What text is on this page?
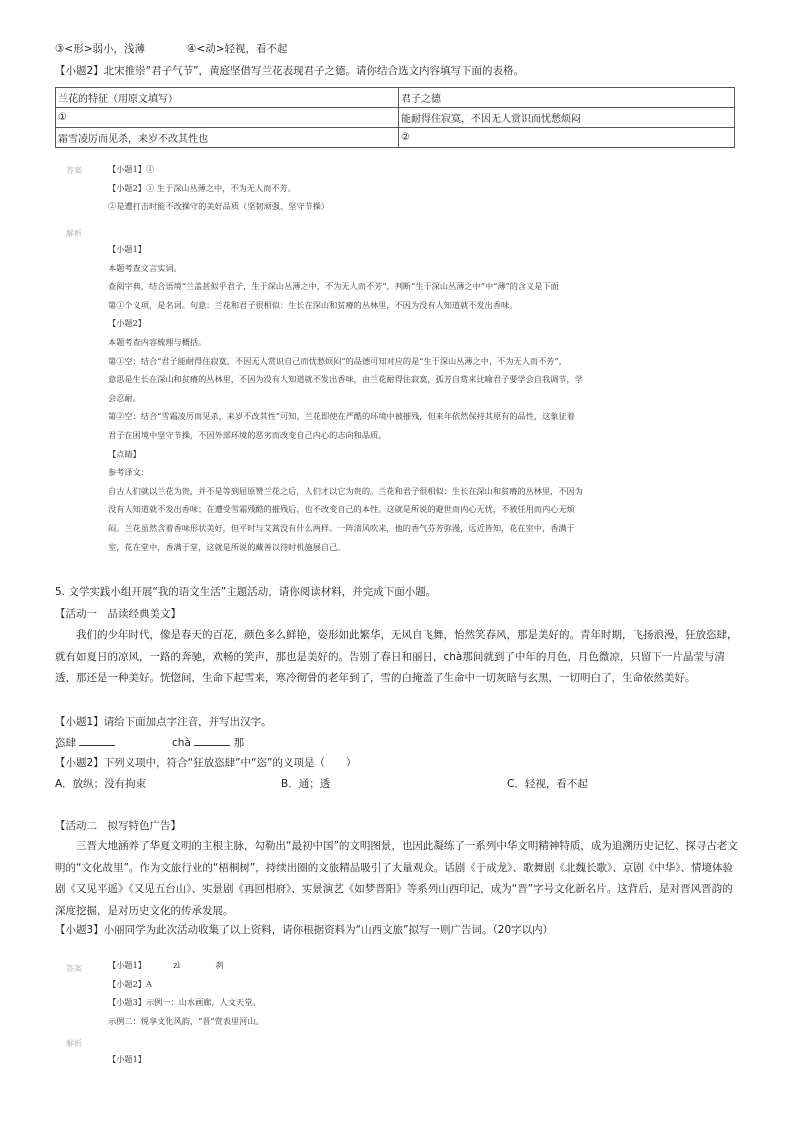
③<形>弱小，浅薄　　　　④<动>轻视，看不起
【小题2】北宋推崇“君子气节”，黄庭坚借写兰花表现君子之德。请你结合选文内容填写下面的表格。
兰花的特征（用原文填写）	君子之德
①	能耐得住寂寞，不因无人赏识而忧愁烦闷
霜雪凌厉而见杀，来岁不改其性也	②
答案	【小题1】①

【小题2】① 生于深山丛薄之中，不为无人而不芳。

②是遭打击时能不改操守的美好品质（坚韧顽强、坚守节操）

解析

【小题1】

本题考查文言实词。

查阅字典，结合语境“兰盖甚似乎君子，生于深山丛薄之中，不为无人而不芳”，判断“生于深山丛薄之中”中“薄”的含义是下面

第①个义项，是名词。句意：兰花和君子很相似：生长在深山和贫瘠的丛林里，不因为没有人知道就不发出香味。

【小题2】

本题考查内容梳理与概括。

第①空：结合“君子能耐得住寂寞，不因无人赏识自己而忧愁烦闷”的品德可知对应的是“生于深山丛薄之中，不为无人而不芳”，

意思是生长在深山和贫瘠的丛林里，不因为没有人知道就不发出香味，由兰花耐得住寂寞，孤芳自赏来比喻君子要学会自我调节，学

会忍耐。

第②空：结合“雪霜凌厉而见杀，来岁不改其性”可知，兰花即使在严酷的环境中被摧残，但来年依然保持其原有的品性，这象征着

君子在困境中坚守节操，不因外部环境的恶劣而改变自己内心的志向和品质。

【点睛】

参考译文：

自古人们就以兰花为贵，并不是等到屈原赞兰花之后，人们才以它为贵的。兰花和君子很相似：生长在深山和贫瘠的丛林里，不因为

没有人知道就不发出香味；在遭受雪霜残酷的摧残后，也不改变自己的本性。这就是所说的避世而内心无忧，不被任用而内心无烦

闷。兰花虽然含着香味形状美好，但平时与艾蒿没有什么两样。一阵清风吹来，他的香气芬芳弥漫，远近皆知，花在室中，香满于

室，花在堂中，香满于堂，这就是所说的藏善以待时机施展自己。

5. 文学实践小组开展“我的语文生活”主题活动，请你阅读材料，并完成下面小题。
【活动一　品读经典美文】

我们的少年时代，像是春天的百花，颜色多么鲜艳，姿形如此繁华，无风自飞舞，怡然笑春风，那是美好的。青年时期，飞扬浪漫，狂放恣 •肆，就有如夏日的凉风，一路的奔驰，欢畅的笑声，那也是美好的。告别了春日和丽日，chà那间就到了中年的月色，月色微凉，只留下一片晶莹与清透，那还是一种美好。恍惚间，生命下起雪来，寒冷彻骨的老年到了，雪的白掩盖了生命中一切灰暗与玄黑，一切明白了，生命依然美好。

【小题1】请给下面加点字注音，并写出汉字。
恣肆	chà	那
【小题2】下列义项中，符合“狂放恣肆”中“恣”的义项是（　　）
A．放纵；没有拘束	B．通；透	C．轻视，看不起
【活动二　拟写特色广告】

三晋大地涵养了华夏文明的主根主脉，勾勒出“最初中国”的文明图景，也因此凝练了一系列中华文明精神特质，成为追溯历史记忆、探寻古老文明的“文化故里”。作为文旅行业的“梧桐树”，持续出圈的文旅精品吸引了大量观众。话剧《于成龙》、歌舞剧《北魏长歌》、京剧《中华》、情境体验剧《又见平遥》《又见五台山》、实景剧《再回相府》、实景演艺《如梦晋阳》等系列山西印记，成为“晋”字号文化新名片。这背后，是对晋风晋韵的深度挖掘，是对历史文化的传承发展。

【小题3】小丽同学为此次活动收集了以上资料，请你根据资料为“山西文旅”拟写一则广告词。（20字以内）
答案	【小题1】	zì	刹

【小题2】A

【小题3】示例一：山水画廊，人文天堂。

示例二：悦享文化风韵，“晋”赏表里河山。

解析

【小题1】
